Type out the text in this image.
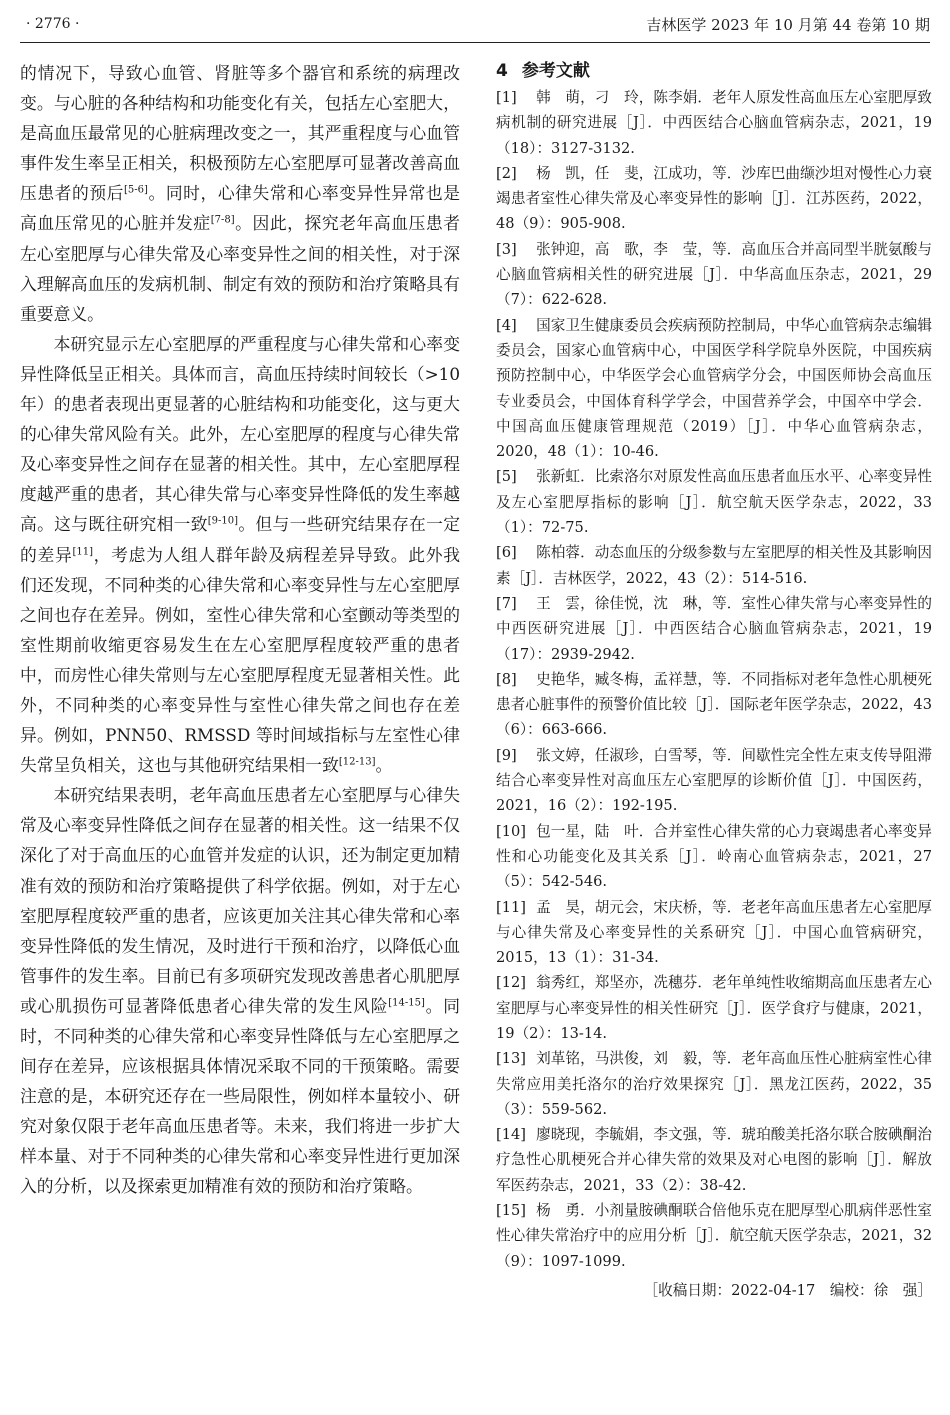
· 2776 ·	吉林医学 2023 年 10 月第 44 卷第 10 期

的情况下，导致心血管、肾脏等多个器官和系统的病理改变。与心脏的各种结构和功能变化有关，包括左心室肥大，是高血压最常见的心脏病理改变之一，其严重程度与心血管事件发生率呈正相关，积极预防左心室肥厚可显著改善高血压患者的预后[5-6]。同时，心律失常和心率变异性异常也是高血压常见的心脏并发症[7-8]。因此，探究老年高血压患者左心室肥厚与心律失常及心率变异性之间的相关性，对于深入理解高血压的发病机制、制定有效的预防和治疗策略具有重要意义。

本研究显示左心室肥厚的严重程度与心律失常和心率变异性降低呈正相关。具体而言，高血压持续时间较长（>10 年）的患者表现出更显著的心脏结构和功能变化，这与更大的心律失常风险有关。此外，左心室肥厚的程度与心律失常及心率变异性之间存在显著的相关性。其中，左心室肥厚程度越严重的患者，其心律失常与心率变异性降低的发生率越高。这与既往研究相一致[9-10]。但与一些研究结果存在一定的差异[11]，考虑为人组人群年龄及病程差异导致。此外我们还发现，不同种类的心律失常和心率变异性与左心室肥厚之间也存在差异。例如，室性心律失常和心室颤动等类型的室性期前收缩更容易发生在左心室肥厚程度较严重的患者中，而房性心律失常则与左心室肥厚程度无显著相关性。此外，不同种类的心率变异性与室性心律失常之间也存在差异。例如，PNN50、RMSSD 等时间域指标与左室性心律失常呈负相关，这也与其他研究结果相一致[12-13]。

本研究结果表明，老年高血压患者左心室肥厚与心律失常及心率变异性降低之间存在显著的相关性。这一结果不仅深化了对于高血压的心血管并发症的认识，还为制定更加精准有效的预防和治疗策略提供了科学依据。例如，对于左心室肥厚程度较严重的患者，应该更加关注其心律失常和心率变异性降低的发生情况，及时进行干预和治疗，以降低心血管事件的发生率。目前已有多项研究发现改善患者心肌肥厚或心肌损伤可显著降低患者心律失常的发生风险[14-15]。同时，不同种类的心律失常和心率变异性降低与左心室肥厚之间存在差异，应该根据具体情况采取不同的干预策略。需要注意的是，本研究还存在一些局限性，例如样本量较小、研究对象仅限于老年高血压患者等。未来，我们将进一步扩大样本量、对于不同种类的心律失常和心率变异性进行更加深入的分析，以及探索更加精准有效的预防和治疗策略。

4 参考文献

[1] 韩　萌，刁　玲，陈李娟．老年人原发性高血压左心室肥厚致病机制的研究进展［J］．中西医结合心脑血管病杂志，2021，19（18）：3127-3132.

[2] 杨　凯，任　斐，江成功，等．沙库巴曲缬沙坦对慢性心力衰竭患者室性心律失常及心率变异性的影响［J］．江苏医药，2022，48（9）：905-908.

[3] 张钟迎，高　歌，李　莹，等．高血压合并高同型半胱氨酸与心脑血管病相关性的研究进展［J］．中华高血压杂志，2021，29（7）：622-628.

[4] 国家卫生健康委员会疾病预防控制局，中华心血管病杂志编辑委员会，国家心血管病中心，中国医学科学院阜外医院，中国疾病预防控制中心，中华医学会心血管病学分会，中国医师协会高血压专业委员会，中国体育科学学会，中国营养学会，中国卒中学会．中国高血压健康管理规范（2019）［J］．中华心血管病杂志，2020，48（1）：10-46.

[5] 张新虹．比索洛尔对原发性高血压患者血压水平、心率变异性及左心室肥厚指标的影响［J］．航空航天医学杂志，2022，33（1）：72-75.

[6] 陈柏蓉．动态血压的分级参数与左室肥厚的相关性及其影响因素［J］．吉林医学，2022，43（2）：514-516.

[7] 王　雲，徐佳悦，沈　琳，等．室性心律失常与心率变异性的中西医研究进展［J］．中西医结合心脑血管病杂志，2021，19（17）：2939-2942.

[8] 史艳华，臧冬梅，孟祥慧，等．不同指标对老年急性心肌梗死患者心脏事件的预警价值比较［J］．国际老年医学杂志，2022，43（6）：663-666.

[9] 张文婷，任淑珍，白雪琴，等．间歇性完全性左束支传导阻滞结合心率变异性对高血压左心室肥厚的诊断价值［J］．中国医药，2021，16（2）：192-195.

[10] 包一星，陆　叶．合并室性心律失常的心力衰竭患者心率变异性和心功能变化及其关系［J］．岭南心血管病杂志，2021，27（5）：542-546.

[11] 孟　昊，胡元会，宋庆桥，等．老老年高血压患者左心室肥厚与心律失常及心率变异性的关系研究［J］．中国心血管病研究，2015，13（1）：31-34.

[12] 翁秀红，郑坚亦，冼穗芬．老年单纯性收缩期高血压患者左心室肥厚与心率变异性的相关性研究［J］．医学食疗与健康，2021，19（2）：13-14.

[13] 刘革铭，马洪俊，刘　毅，等．老年高血压性心脏病室性心律失常应用美托洛尔的治疗效果探究［J］．黑龙江医药，2022，35（3）：559-562.

[14] 廖晓现，李毓娟，李文强，等．琥珀酸美托洛尔联合胺碘酮治疗急性心肌梗死合并心律失常的效果及对心电图的影响［J］．解放军医药杂志，2021，33（2）：38-42.

[15] 杨　勇．小剂量胺碘酮联合倍他乐克在肥厚型心肌病伴恶性室性心律失常治疗中的应用分析［J］．航空航天医学杂志，2021，32（9）：1097-1099.

［收稿日期：2022-04-17　编校：徐　强］
